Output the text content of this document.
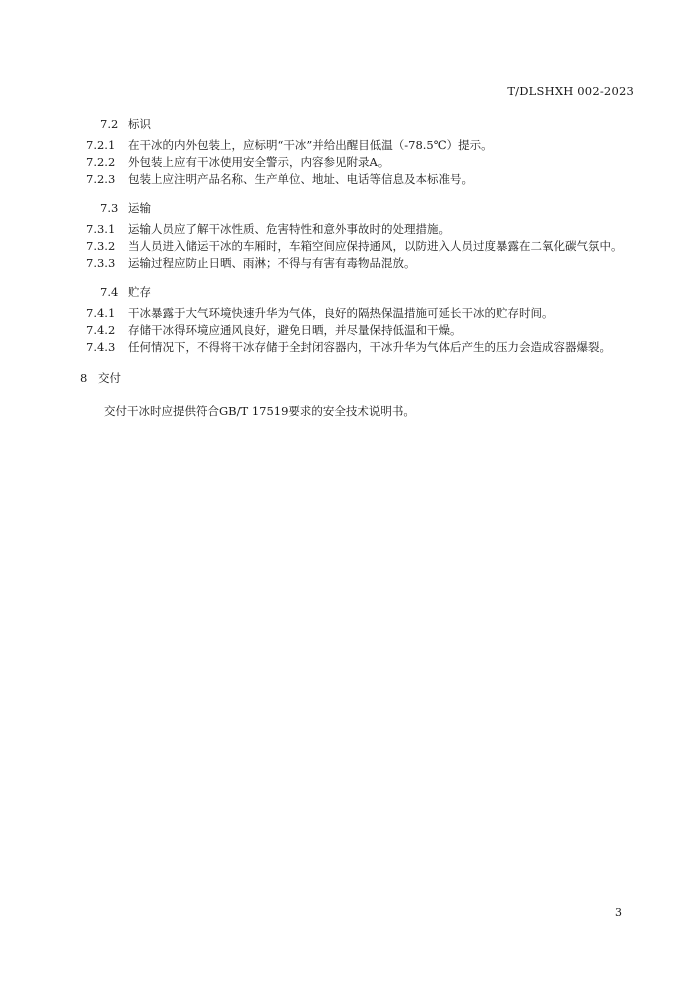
T/DLSHXH 002-2023
7.2 标识
7.2.1	在干冰的内外包装上，应标明“干冰”并给出醒目低温（-78.5℃）提示。
7.2.2	外包装上应有干冰使用安全警示，内容参见附录A。
7.2.3	包装上应注明产品名称、生产单位、地址、电话等信息及本标准号。
7.3 运输
7.3.1	运输人员应了解干冰性质、危害特性和意外事故时的处理措施。
7.3.2	当人员进入储运干冰的车厢时，车箱空间应保持通风，以防进入人员过度暴露在二氧化碳气氛中。
7.3.3	运输过程应防止日晒、雨淋；不得与有害有毒物品混放。
7.4 贮存
7.4.1	干冰暴露于大气环境快速升华为气体，良好的隔热保温措施可延长干冰的贮存时间。
7.4.2	存储干冰得环境应通风良好，避免日晒，并尽量保持低温和干燥。
7.4.3	任何情况下，不得将干冰存储于全封闭容器内，干冰升华为气体后产生的压力会造成容器爆裂。
8 交付
交付干冰时应提供符合GB/T 17519要求的安全技术说明书。
3
